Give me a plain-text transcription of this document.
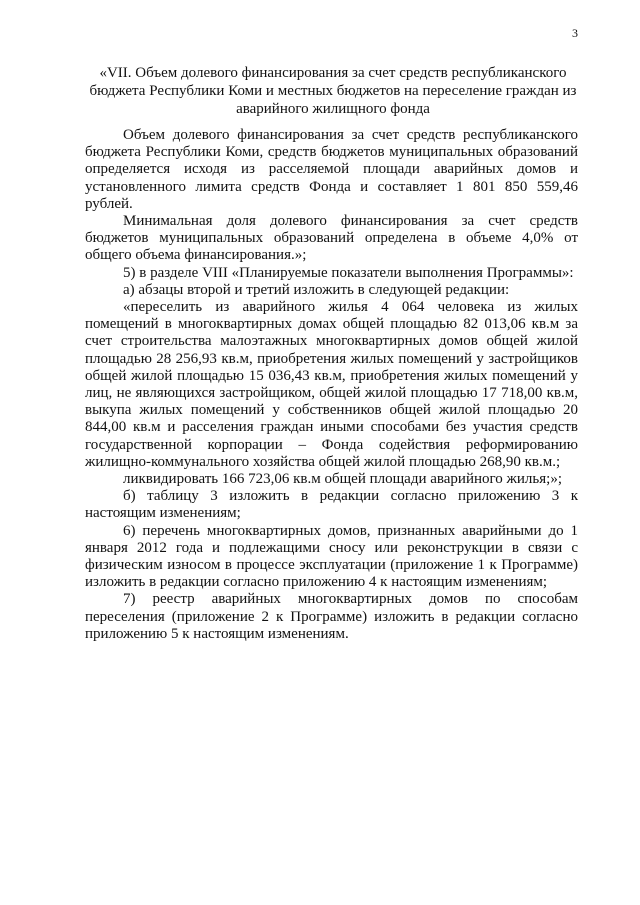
3
«VII. Объем долевого финансирования за счет средств республиканского бюджета Республики Коми и местных бюджетов на переселение граждан из аварийного жилищного фонда

Объем долевого финансирования за счет средств республиканского бюджета Республики Коми, средств бюджетов муниципальных образований определяется исходя из расселяемой площади аварийных домов и установленного лимита средств Фонда и составляет 1 801 850 559,46 рублей.

Минимальная доля долевого финансирования за счет средств бюджетов муниципальных образований определена в объеме 4,0% от общего объема финансирования.»;

5) в разделе VIII «Планируемые показатели выполнения Программы»:

а) абзацы второй и третий изложить в следующей редакции:

«переселить из аварийного жилья 4 064 человека из жилых помещений в многоквартирных домах общей площадью 82 013,06 кв.м за счет строительства малоэтажных многоквартирных домов общей жилой площадью 28 256,93 кв.м, приобретения жилых помещений у застройщиков общей жилой площадью 15 036,43 кв.м, приобретения жилых помещений у лиц, не являющихся застройщиком, общей жилой площадью 17 718,00 кв.м, выкупа жилых помещений у собственников общей жилой площадью 20 844,00 кв.м и расселения граждан иными способами без участия средств государственной корпорации – Фонда содействия реформированию жилищно-коммунального хозяйства общей жилой площадью 268,90 кв.м.;

ликвидировать 166 723,06 кв.м общей площади аварийного жилья;»;

б) таблицу 3 изложить в редакции согласно приложению 3 к настоящим изменениям;

6) перечень многоквартирных домов, признанных аварийными до 1 января 2012 года и подлежащими сносу или реконструкции в связи с физическим износом в процессе эксплуатации (приложение 1 к Программе) изложить в редакции согласно приложению 4 к настоящим изменениям;

7) реестр аварийных многоквартирных домов по способам переселения (приложение 2 к Программе) изложить в редакции согласно приложению 5 к настоящим изменениям.
